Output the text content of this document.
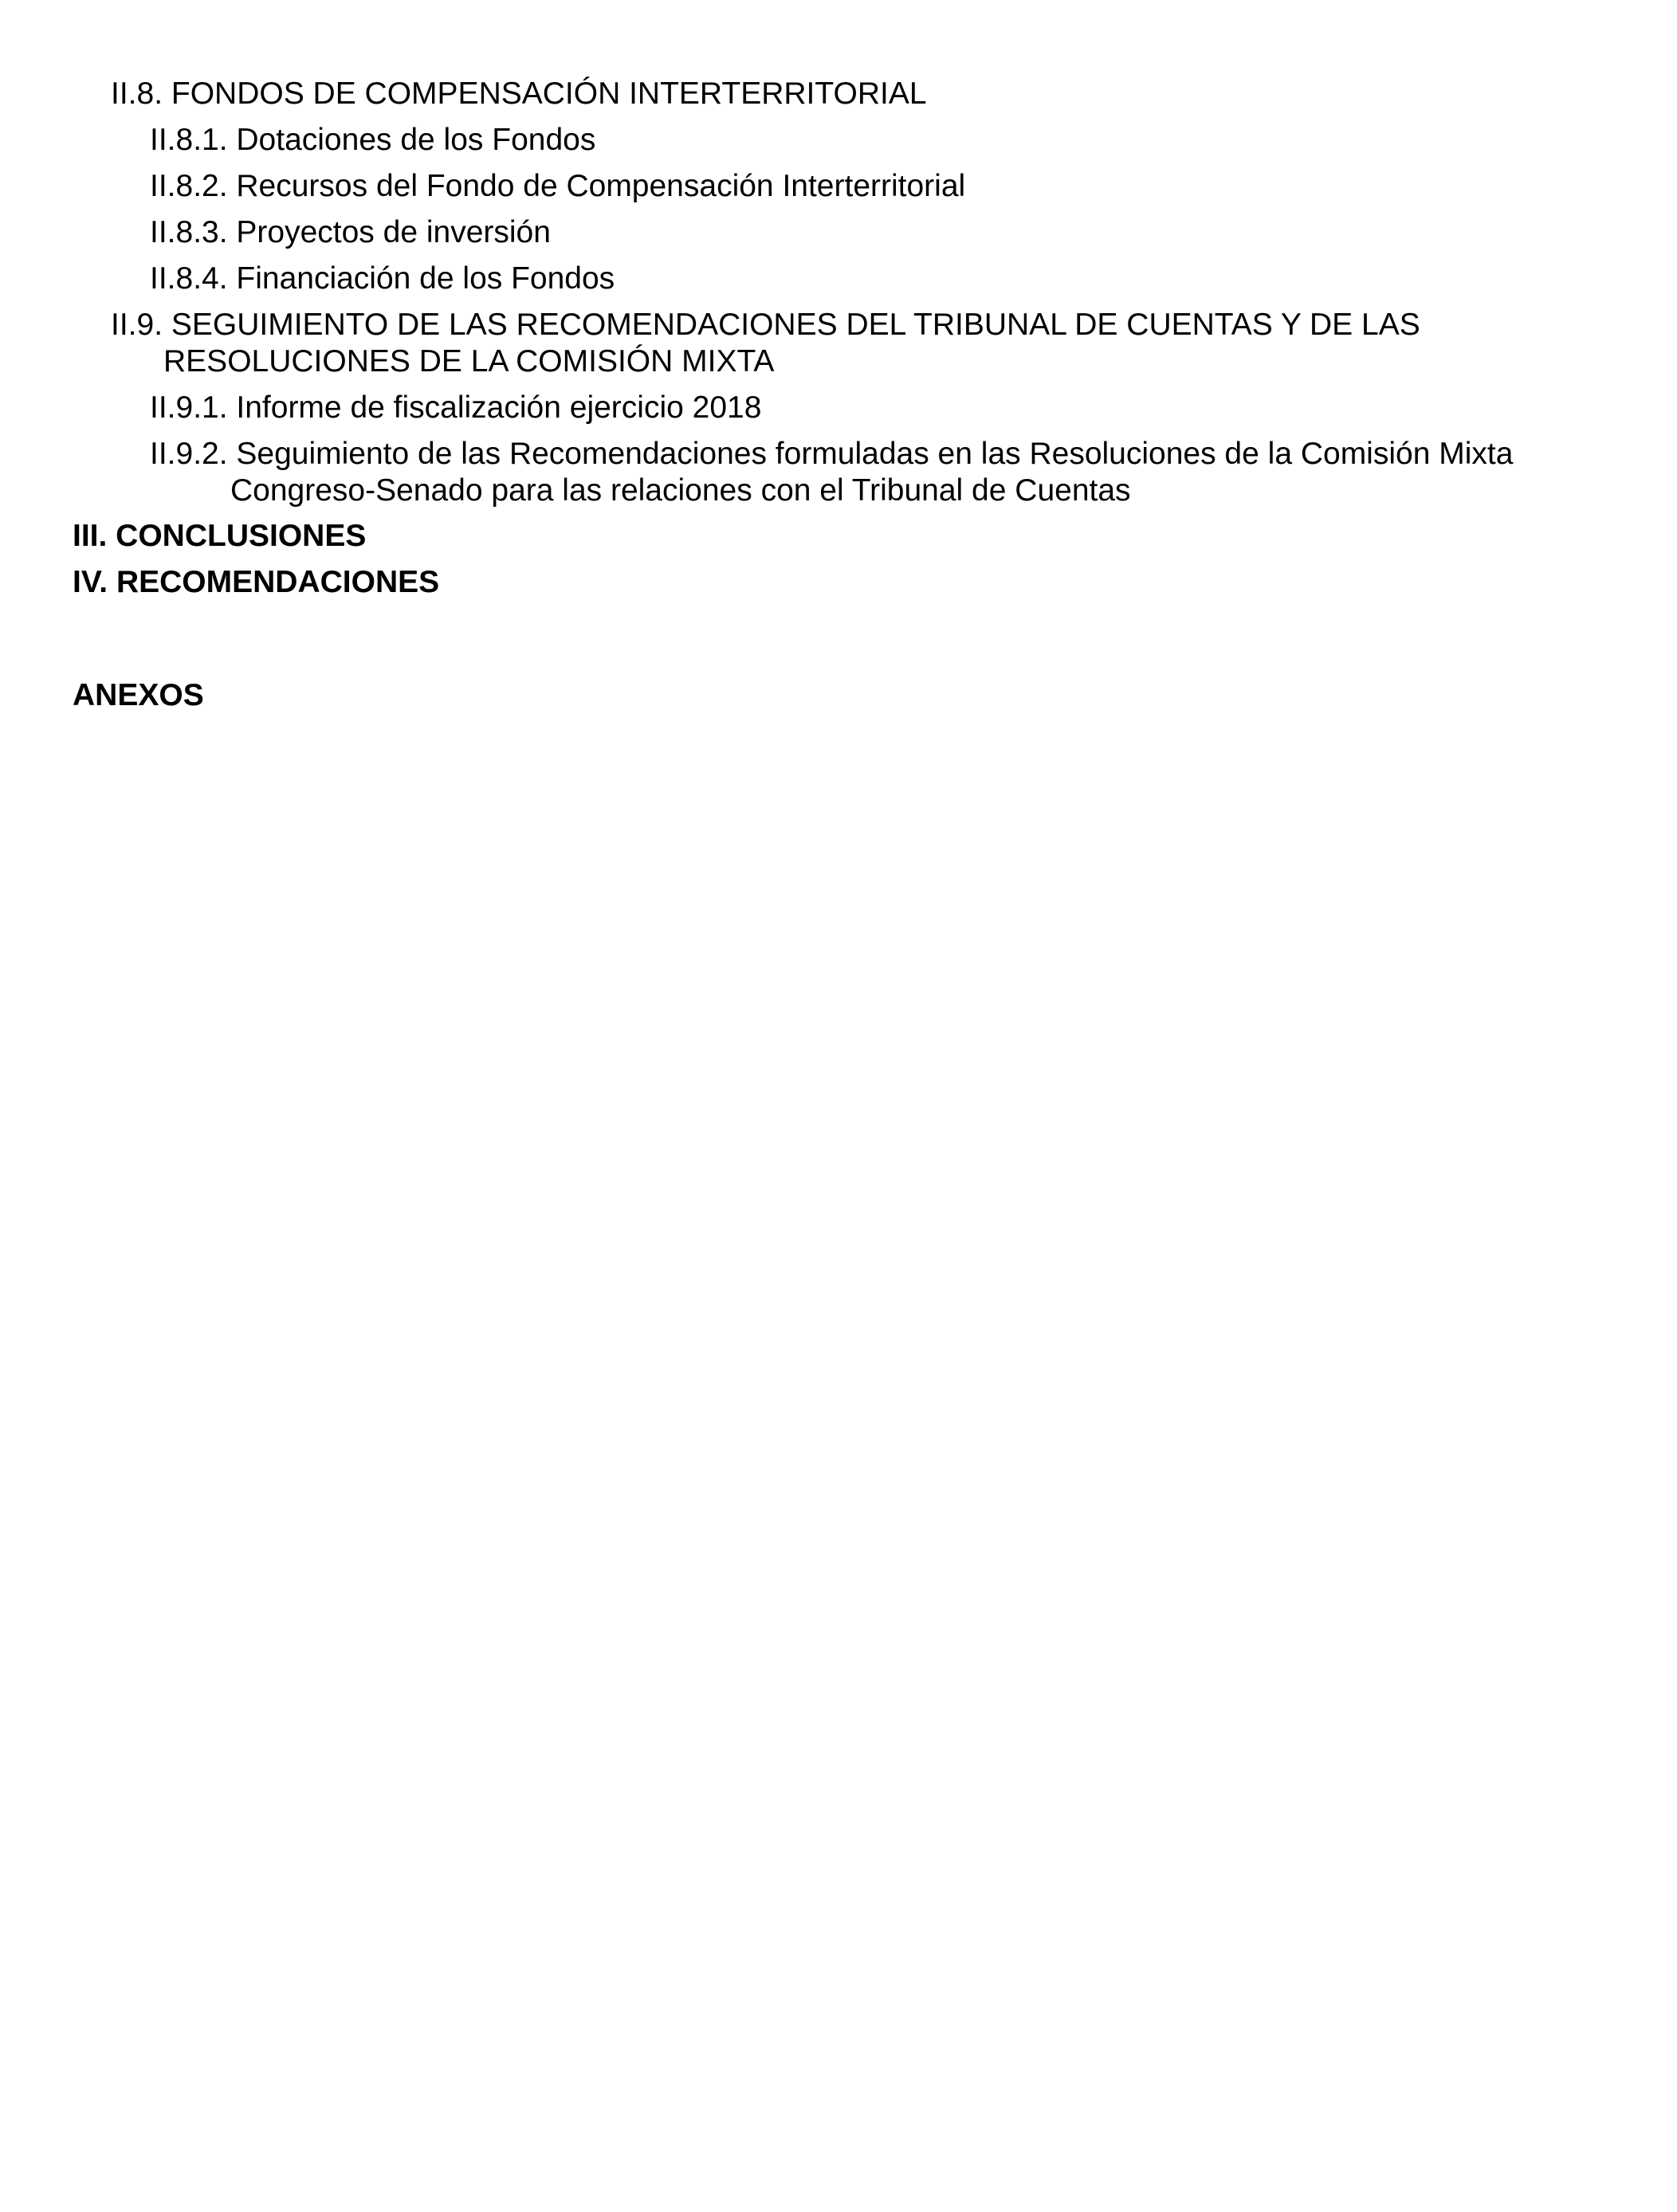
II.8. FONDOS DE COMPENSACIÓN INTERTERRITORIAL
II.8.1. Dotaciones de los Fondos
II.8.2. Recursos del Fondo de Compensación Interterritorial
II.8.3. Proyectos de inversión
II.8.4. Financiación de los Fondos
II.9. SEGUIMIENTO DE LAS RECOMENDACIONES DEL TRIBUNAL DE CUENTAS Y DE LAS
RESOLUCIONES DE LA COMISIÓN MIXTA
II.9.1. Informe de fiscalización ejercicio 2018
II.9.2. Seguimiento de las Recomendaciones formuladas en las Resoluciones de la Comisión Mixta
Congreso-Senado para las relaciones con el Tribunal de Cuentas
III. CONCLUSIONES
IV. RECOMENDACIONES
ANEXOS
